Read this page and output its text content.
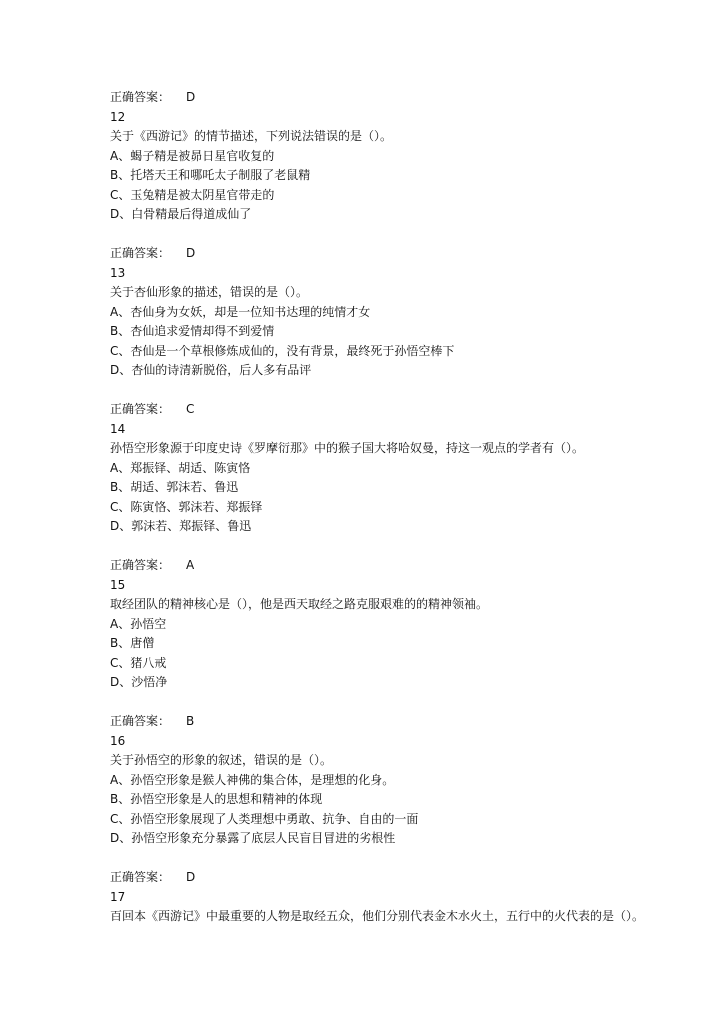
正确答案： D
12
关于《西游记》的情节描述，下列说法错误的是（）。
A、蝎子精是被昴日星官收复的
B、托塔天王和哪吒太子制服了老鼠精
C、玉兔精是被太阴星官带走的
D、白骨精最后得道成仙了
正确答案： D
13
关于杏仙形象的描述，错误的是（）。
A、杏仙身为女妖，却是一位知书达理的纯情才女
B、杏仙追求爱情却得不到爱情
C、杏仙是一个草根修炼成仙的，没有背景，最终死于孙悟空棒下
D、杏仙的诗清新脱俗，后人多有品评
正确答案： C
14
孙悟空形象源于印度史诗《罗摩衍那》中的猴子国大将哈奴曼，持这一观点的学者有（）。
A、郑振铎、胡适、陈寅恪
B、胡适、郭沫若、鲁迅
C、陈寅恪、郭沫若、郑振铎
D、郭沫若、郑振铎、鲁迅
正确答案： A
15
取经团队的精神核心是（），他是西天取经之路克服艰难的的精神领袖。
A、孙悟空
B、唐僧
C、猪八戒
D、沙悟净
正确答案： B
16
关于孙悟空的形象的叙述，错误的是（）。
A、孙悟空形象是猴人神佛的集合体，是理想的化身。
B、孙悟空形象是人的思想和精神的体现
C、孙悟空形象展现了人类理想中勇敢、抗争、自由的一面
D、孙悟空形象充分暴露了底层人民盲目冒进的劣根性
正确答案： D
17
百回本《西游记》中最重要的人物是取经五众，他们分别代表金木水火土，五行中的火代表的是（）。
